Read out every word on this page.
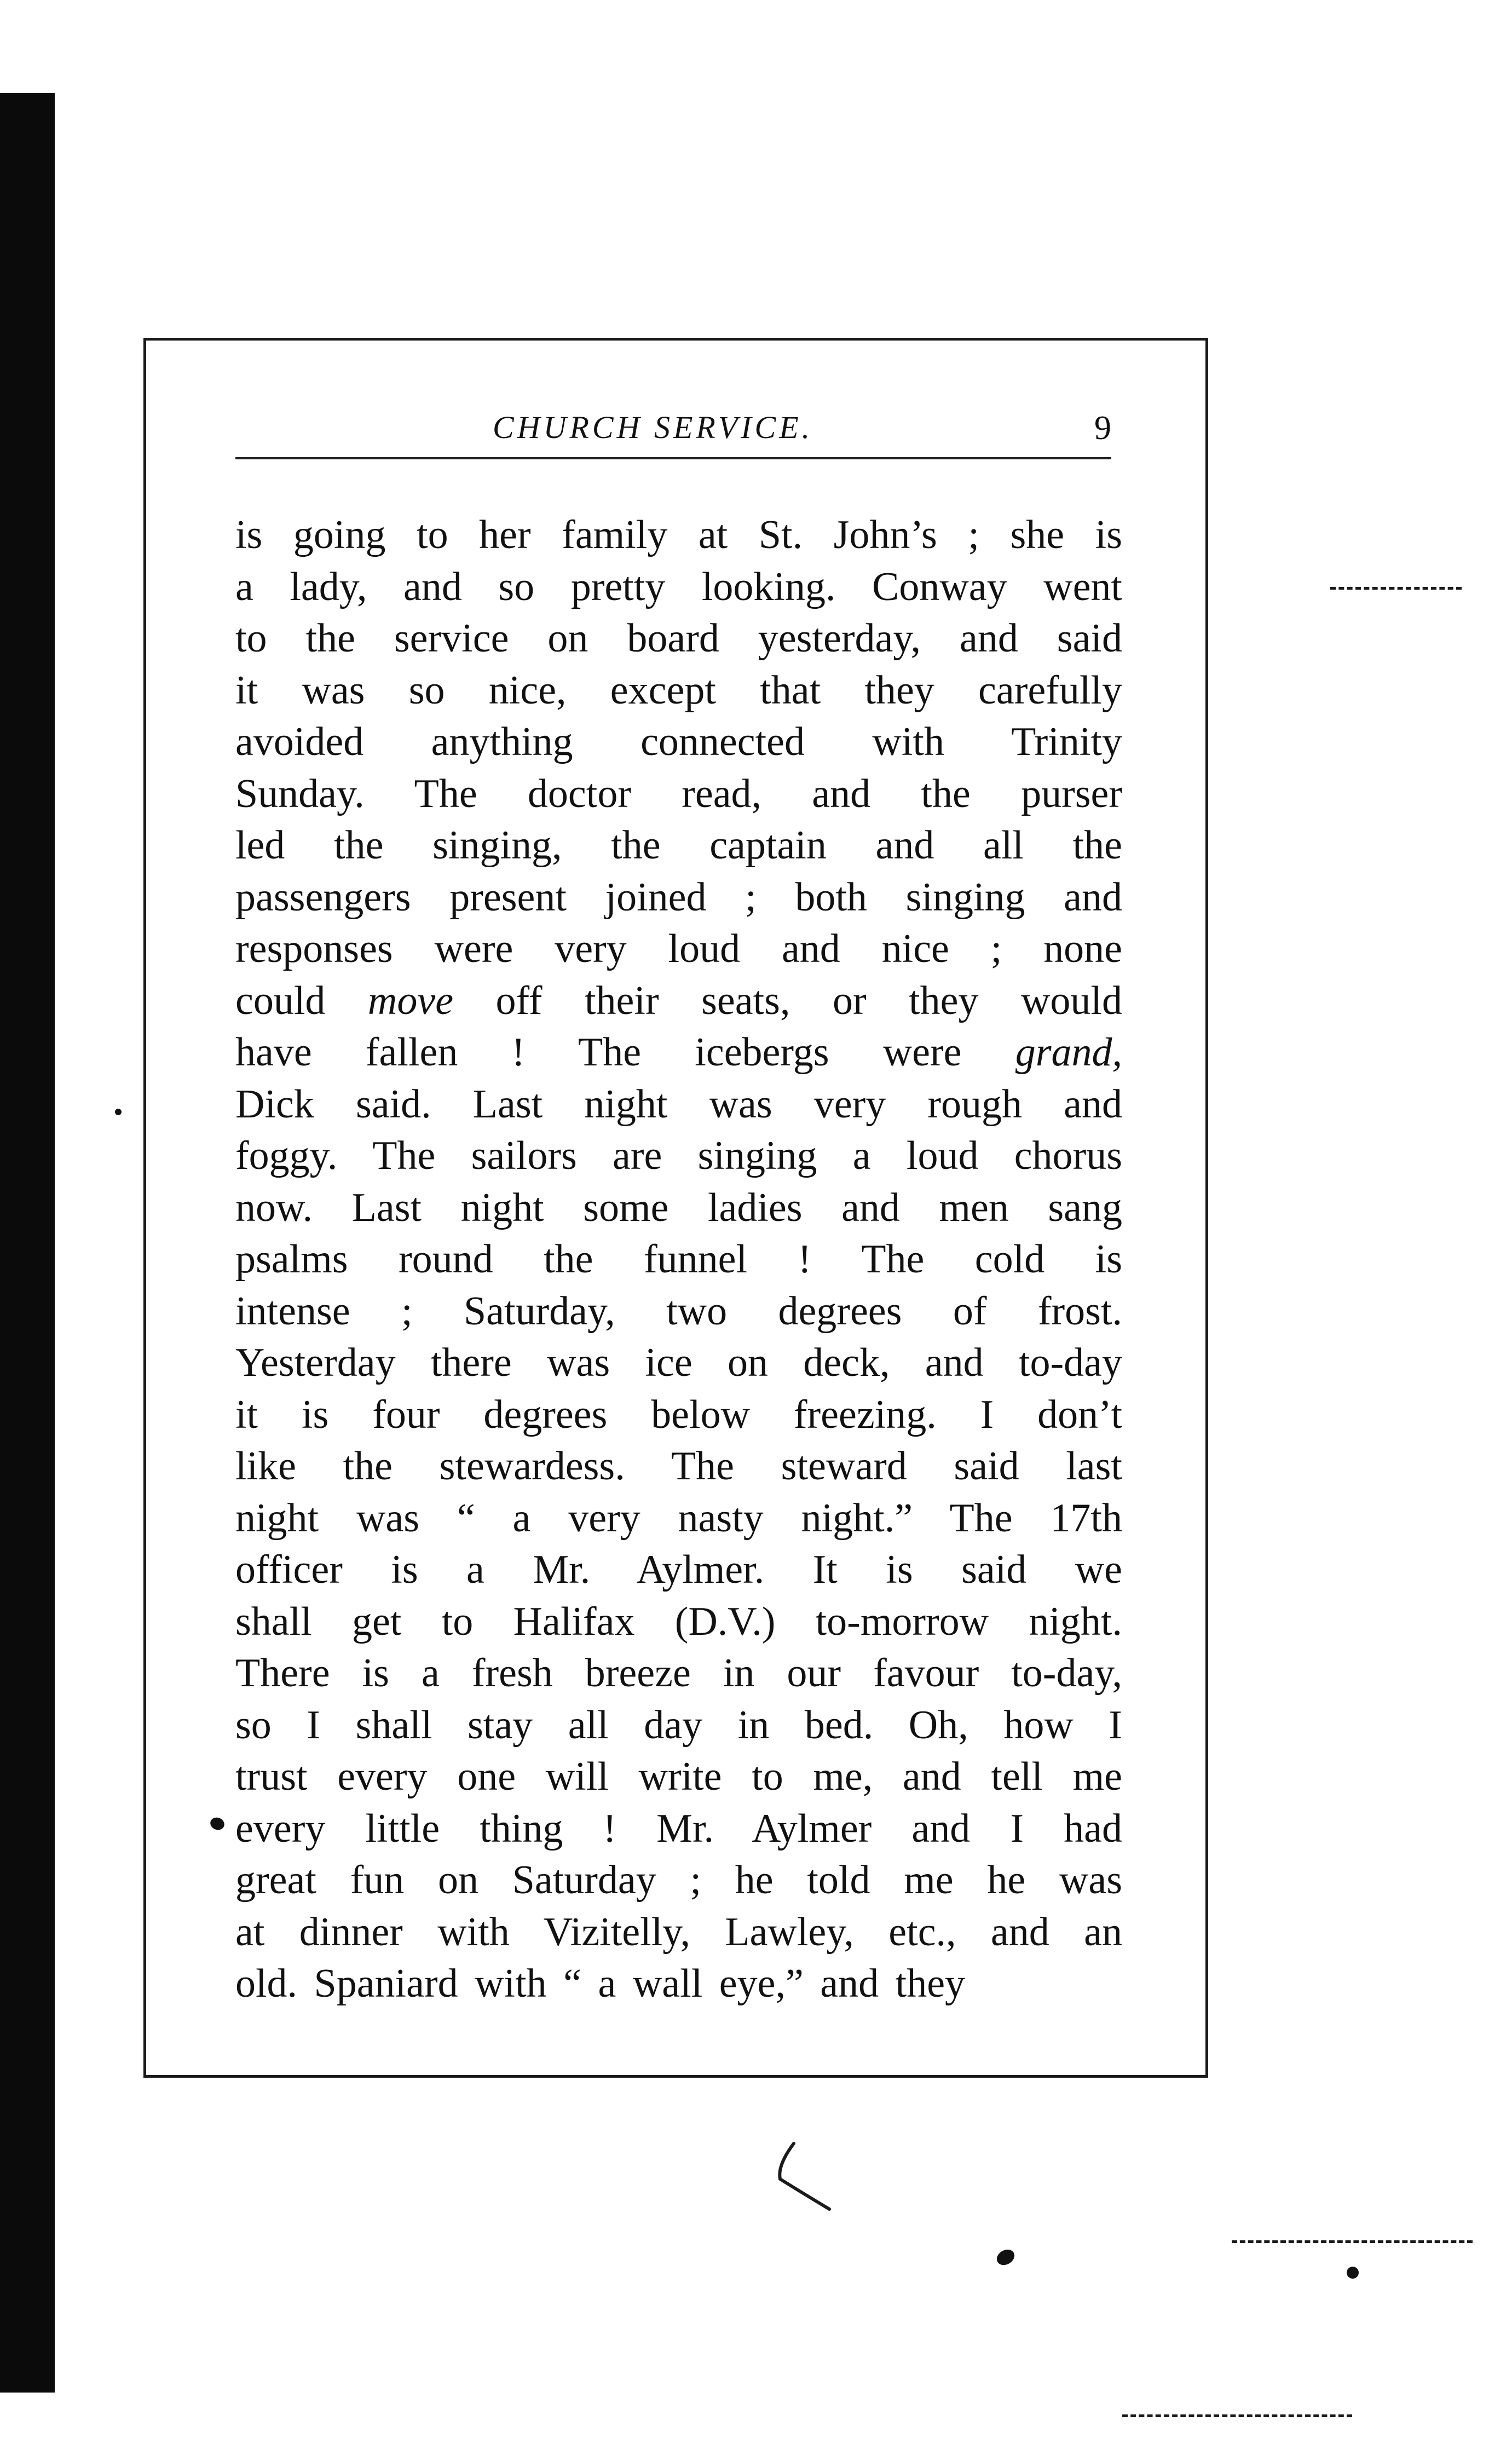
CHURCH SERVICE.	9
is going to her family at St. John’s ; she is
a lady, and so pretty looking. Conway went
to the service on board yesterday, and said
it was so nice, except that they carefully
avoided anything connected with Trinity
Sunday. The doctor read, and the purser
led the singing, the captain and all the
passengers present joined ; both singing and
responses were very loud and nice ; none
could move off their seats, or they would
have fallen ! The icebergs were grand,
Dick said. Last night was very rough and
foggy. The sailors are singing a loud chorus
now. Last night some ladies and men sang
psalms round the funnel ! The cold is
intense ; Saturday, two degrees of frost.
Yesterday there was ice on deck, and to-day
it is four degrees below freezing. I don’t
like the stewardess. The steward said last
night was “ a very nasty night.” The 17th
officer is a Mr. Aylmer. It is said we
shall get to Halifax (D.V.) to-morrow night.
There is a fresh breeze in our favour to-day,
so I shall stay all day in bed. Oh, how I
trust every one will write to me, and tell me
every little thing ! Mr. Aylmer and I had
great fun on Saturday ; he told me he was
at dinner with Vizitelly, Lawley, etc., and an
old. Spaniard with “ a wall eye,” and they
